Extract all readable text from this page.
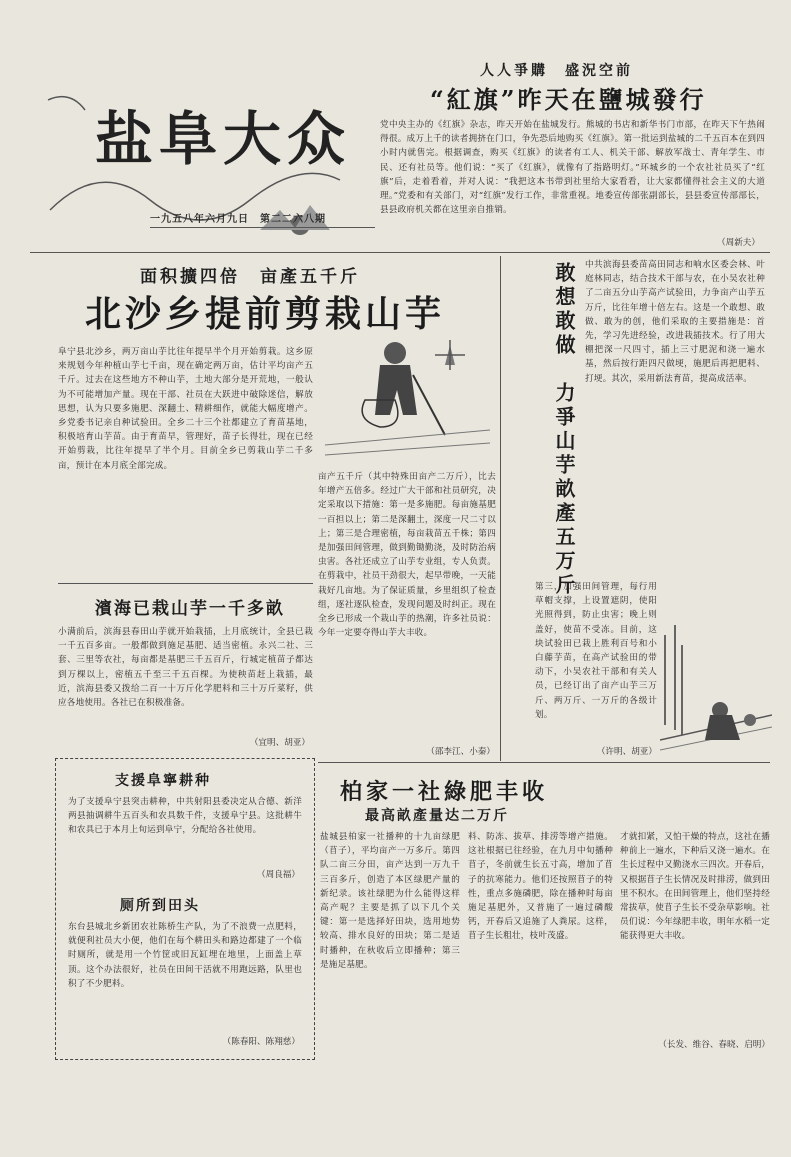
盐阜大众
一九五八年六月九日　第二二六八期
人人爭購　盛況空前
“紅旗”昨天在鹽城發行
党中央主办的《红旗》杂志，昨天开始在盐城发行。熊城的书店和新华书门市部，在昨天下午热闹得很。成万上千的读者拥挤在门口，争先恐后地购买《红旗》。第一批运到盐城的二千五百本在到四小时内就售完。根据调查，购买《红旗》的读者有工人、机关干部、解放军战士、青年学生、市民、还有社员等。他们说：“买了《红旗》，就像有了指路明灯。”环城乡的一个农社社员买了“红旗”后，走着看着，并对人说：“我把这本书带到社里给大家看看，让大家都懂得社会主义的大道理。”党委和有关部门，对“红旗”发行工作，非常重视。地委宣传部张副部长，县县委宣传部部长，县县政府机关都在这里亲自推销。
（周新夫）
面积擴四倍　亩產五千斤
北沙乡提前剪栽山芋
阜宁县北沙乡，两万亩山芋比往年提早半个月开始剪栽。这乡原来规划今年种植山芋七千亩，现在确定两万亩，估计平均亩产五千斤。过去在这些地方不种山芋，土地大部分是开荒地，一般认为不可能增加产量。现在干部、社员在大跃进中破除迷信，解放思想，认为只要多施肥、深翻土、精耕细作，就能大幅度增产。乡党委书记亲自种试验田。全乡二十三个社都建立了育苗基地，积极培育山芋苗。由于育苗早，管理好，苗子长得壮，现在已经开始剪栽，比往年提早了半个月。目前全乡已剪栽山芋二千多亩，预计在本月底全部完成。
亩产五千斤（其中特殊田亩产二万斤），比去年增产五倍多。经过广大干部和社员研究，决定采取以下措施：第一是多施肥。每亩施基肥一百担以上；第二是深翻土，深度一尺二寸以上；第三是合理密植，每亩栽苗五千株；第四是加强田间管理，做到勤锄勤浇，及时防治病虫害。各社还成立了山芋专业组，专人负责。在剪栽中，社员干劲很大，起早带晚，一天能栽好几亩地。为了保证质量，乡里组织了检查组，逐社逐队检查，发现问题及时纠正。现在全乡已形成一个栽山芋的热潮，许多社员说：今年一定要夺得山芋大丰收。
（邵李江、小秦）
濱海已栽山芋一千多畝
小满前后，滨海县春田山芋就开始栽插，上月底统计，全县已栽一千五百多亩。一般都做到施足基肥、适当密植。永兴二社、三套、三里等农社，每亩都是基肥三千五百斤，行城定植苗子都达到万棵以上，密植五千至三千五百棵。为使秧苗赶上栽插，最近，滨海县委又拨给二百一十万斤化学肥料和三十万斤菜籽，供应各地使用。各社已在积极准备。
（宜明、胡亚）
支援阜寧耕种
为了支援阜宁县突击耕种，中共射阳县委决定从合德、新洋两县抽调耕牛五百头和农具数千件，支援阜宁县。这批耕牛和农具已于本月上旬运到阜宁，分配给各社使用。
（周良福）
厕所到田头
东台县城北乡新团农社陈桥生产队，为了不浪费一点肥料，就便利社员大小便，他们在每个耕田头和路边都建了一个临时厕所，就是用一个竹筐或旧瓦缸埋在地里，上面盖上草顶。这个办法很好，社员在田间干活就不用跑远路，队里也积了不少肥料。
（陈春阳、陈翔慈）
敢想敢做　力爭山芋畝產五万斤	中共滨海县委苗高田同志和响水区委会林、叶庭林同志，结合技术干部与农，在小吴农社种了二亩五分山芋高产试验田，力争亩产山芋五万斤，比往年增十倍左右。这是一个敢想、敢做、敢为的创，他们采取的主要措施是：首先，学习先进经验，改进栽插技术。行了用大棚把深一尺四寸，插上三寸肥泥和浇一遍水基，然后按行距四尺做埂，施肥后再把肥料、打埂。其次，采用新法育苗，提高成活率。
第三，加强田间管理，每行用草帽支撑，上设置遮阴，使阳光照得到，防止虫害；晚上则盖好，使苗不受冻。目前，这块试验田已栽上胜利百号和小白藤芋苗，在高产试验田的带动下，小吴农社干部和有关人员，已经订出了亩产山芋三万斤、两万斤、一万斤的各级计划。
（许明、胡亚）
柏家一社綠肥丰收
最高畝產量达二万斤
盐城县柏家一社播种的十九亩绿肥（苜子），平均亩产一万多斤。第四队二亩三分田，亩产达到一万九千三百多斤，创造了本区绿肥产量的新纪录。该社绿肥为什么能得这样高产呢？主要是抓了以下几个关键：第一是选择好田块，选用地势较高、排水良好的田块；第二是适时播种，在秋收后立即播种；第三是施足基肥。
料、防冻、拔草、排涝等增产措施。这社根据已往经验，在九月中旬播种苜子，冬前就生长五寸高，增加了苜子的抗寒能力。他们还按照苜子的特性，重点多施磷肥，除在播种时每亩施足基肥外，又普施了一遍过磷酸钙，开春后又追施了人粪尿。这样，苜子生长粗壮，枝叶茂盛。
才就扣紧，又怕干燥的特点，这社在播种前上一遍水，下种后又浇一遍水。在生长过程中又勤浇水三四次。开春后，又根据苜子生长情况及时排涝，做到田里不积水。在田间管理上，他们坚持经常拔草，使苜子生长不受杂草影响。社员们说：今年绿肥丰收，明年水稻一定能获得更大丰收。
（长发、维谷、春晓、启明）
